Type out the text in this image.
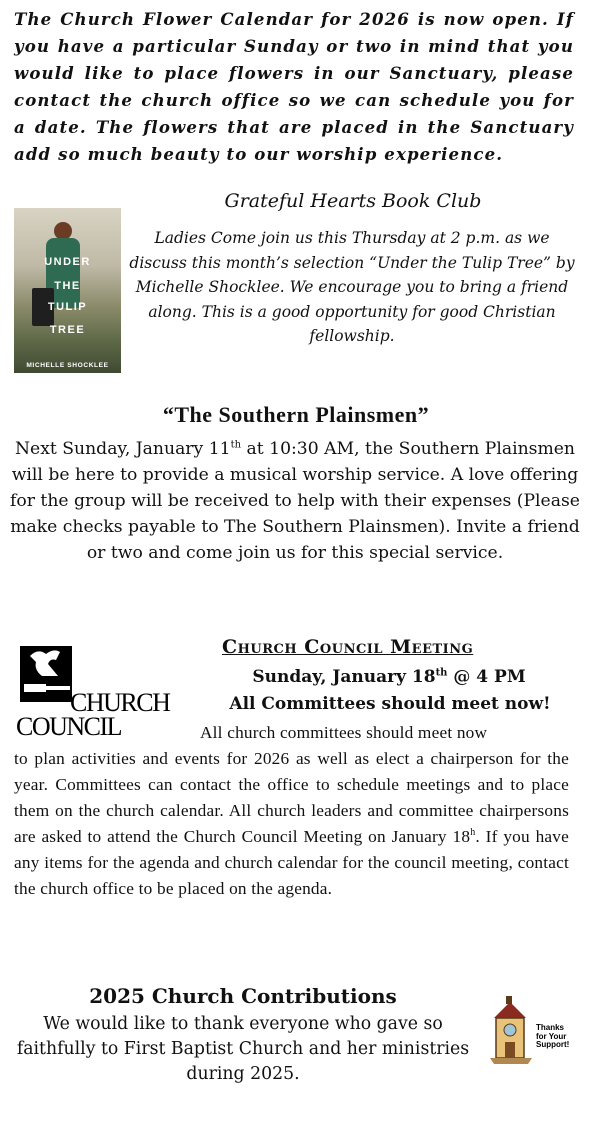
The Church Flower Calendar for 2026 is now open. If you have a particular Sunday or two in mind that you would like to place flowers in our Sanctuary, please contact the church office so we can schedule you for a date. The flowers that are placed in the Sanctuary add so much beauty to our worship experience.
UNDER
THE
TULIP
TREE
MICHELLE SHOCKLEE
Grateful Hearts Book Club
Ladies Come join us this Thursday at 2 p.m. as we discuss this month’s selection “Under the Tulip Tree” by Michelle Shocklee. We encourage you to bring a friend along. This is a good opportunity for good Christian fellowship.
“The Southern Plainsmen”
Next Sunday, January 11th at 10:30 AM, the Southern Plainsmen will be here to provide a musical worship service. A love offering for the group will be received to help with their expenses (Please make checks payable to The Southern Plainsmen). Invite a friend or two and come join us for this special service.
CHURCH
COUNCIL
Church Council Meeting
Sunday, January 18th @ 4 PM
All Committees should meet now!
All church committees should meet now
to plan activities and events for 2026 as well as elect a chairperson for the year. Committees can contact the office to schedule meetings and to place them on the church calendar. All church leaders and committee chairpersons are asked to attend the Church Council Meeting on January 18$^h$. If you have any items for the agenda and church calendar for the council meeting, contact the church office to be placed on the agenda.
2025 Church Contributions
We would like to thank everyone who gave so faithfully to First Baptist Church and her ministries during 2025.
Thanks
for Your
Support!
